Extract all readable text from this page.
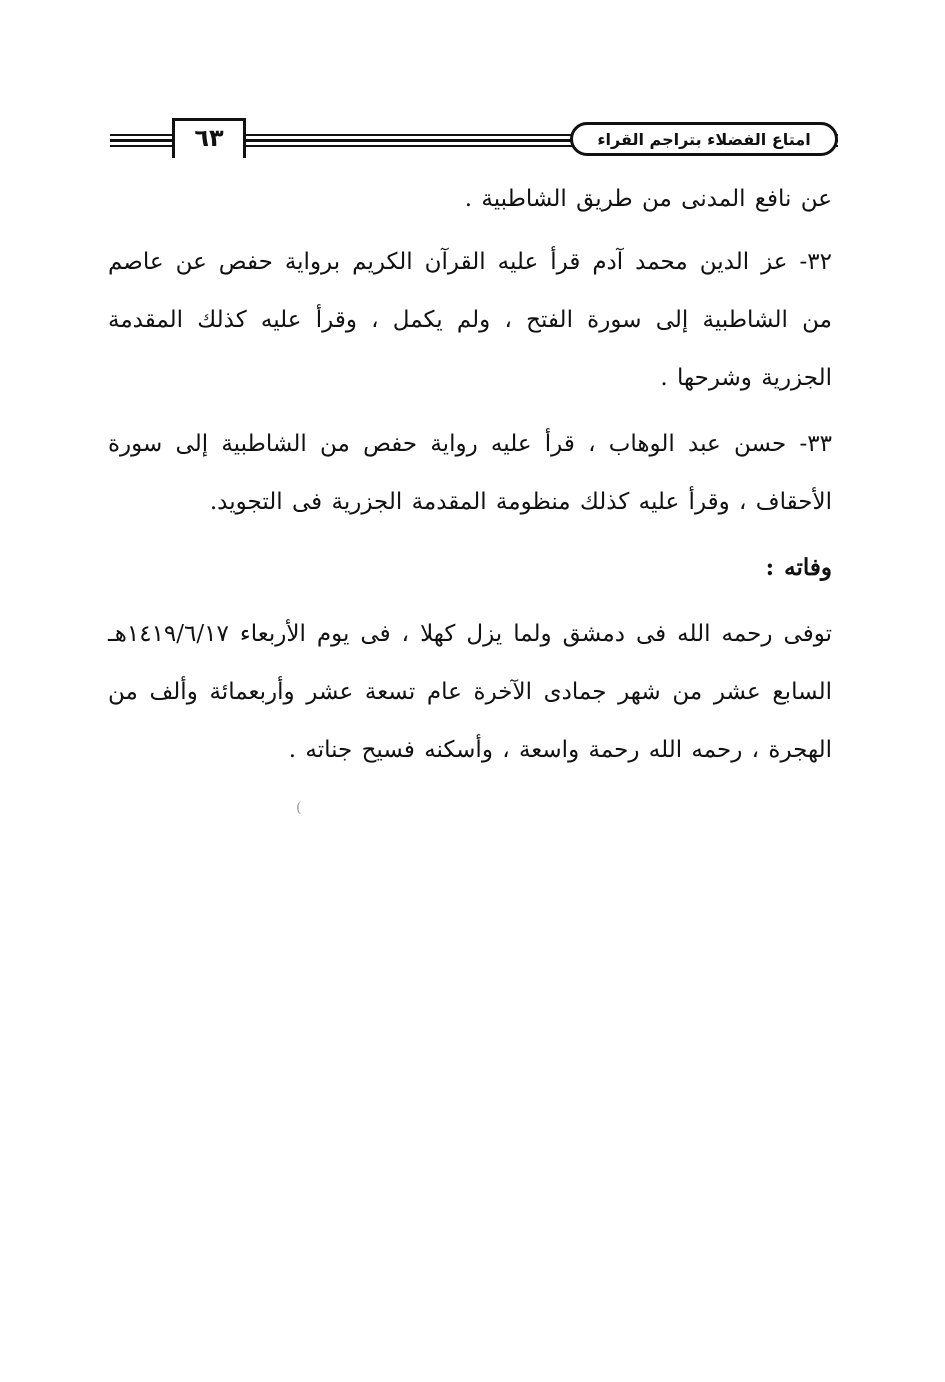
٦٣	امتاع الفضلاء بتراجم القراء

عن نافع المدنى من طريق الشاطبية .

٣٢- عز الدين محمد آدم قرأ عليه القرآن الكريم برواية حفص عن عاصم من الشاطبية إلى سورة الفتح ، ولم يكمل ، وقرأ عليه كذلك المقدمة الجزرية وشرحها .

٣٣- حسن عبد الوهاب ، قرأ عليه رواية حفص من الشاطبية إلى سورة الأحقاف ، وقرأ عليه كذلك منظومة المقدمة الجزرية فى التجويد.

وفاته :

توفى رحمه الله فى دمشق ولما يزل كهلا ، فى يوم الأربعاء ١٤١٩/٦/١٧هـ السابع عشر من شهر جمادى الآخرة عام تسعة عشر وأربعمائة وألف من الهجرة ، رحمه الله رحمة واسعة ، وأسكنه فسيح جناته .

(
